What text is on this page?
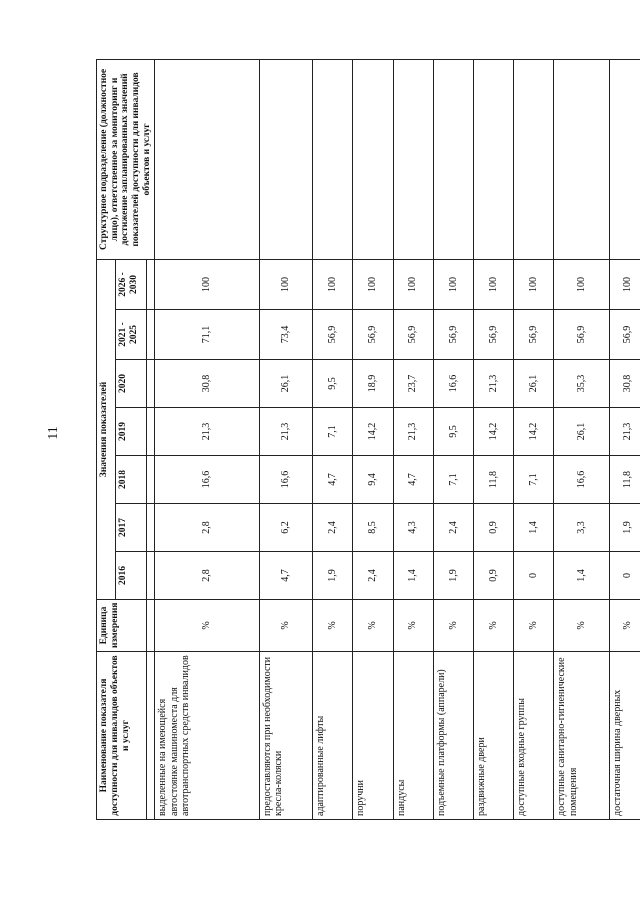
11
Наименование показателя доступности для инвалидов объектов и услуг	Единица измерения	Значения показателей							Структурное подразделение (должностное лицо), ответственное за мониторинг и достижение запланированных значений показателей доступности для инвалидов объектов и услуг
		2016	2017	2018	2019	2020	2021 - 2025	2026 - 2030	

выделенные на имеющейся автостоянке машиноместа для автотранспортных средств инвалидов	%	2,8	2,8	16,6	21,3	30,8	71,1	100	
предоставляются при необходимости кресла-коляски	%	4,7	6,2	16,6	21,3	26,1	73,4	100	
адаптированные лифты	%	1,9	2,4	4,7	7,1	9,5	56,9	100	
поручни	%	2,4	8,5	9,4	14,2	18,9	56,9	100	
пандусы	%	1,4	4,3	4,7	21,3	23,7	56,9	100	
подъемные платформы (аппарели)	%	1,9	2,4	7,1	9,5	16,6	56,9	100	
раздвижные двери	%	0,9	0,9	11,8	14,2	21,3	56,9	100	
доступные входные группы	%	0	1,4	7,1	14,2	26,1	56,9	100	
доступные санитарно-гигиенические помещения	%	1,4	3,3	16,6	26,1	35,3	56,9	100	
достаточная ширина дверных	%	0	1,9	11,8	21,3	30,8	56,9	100	
